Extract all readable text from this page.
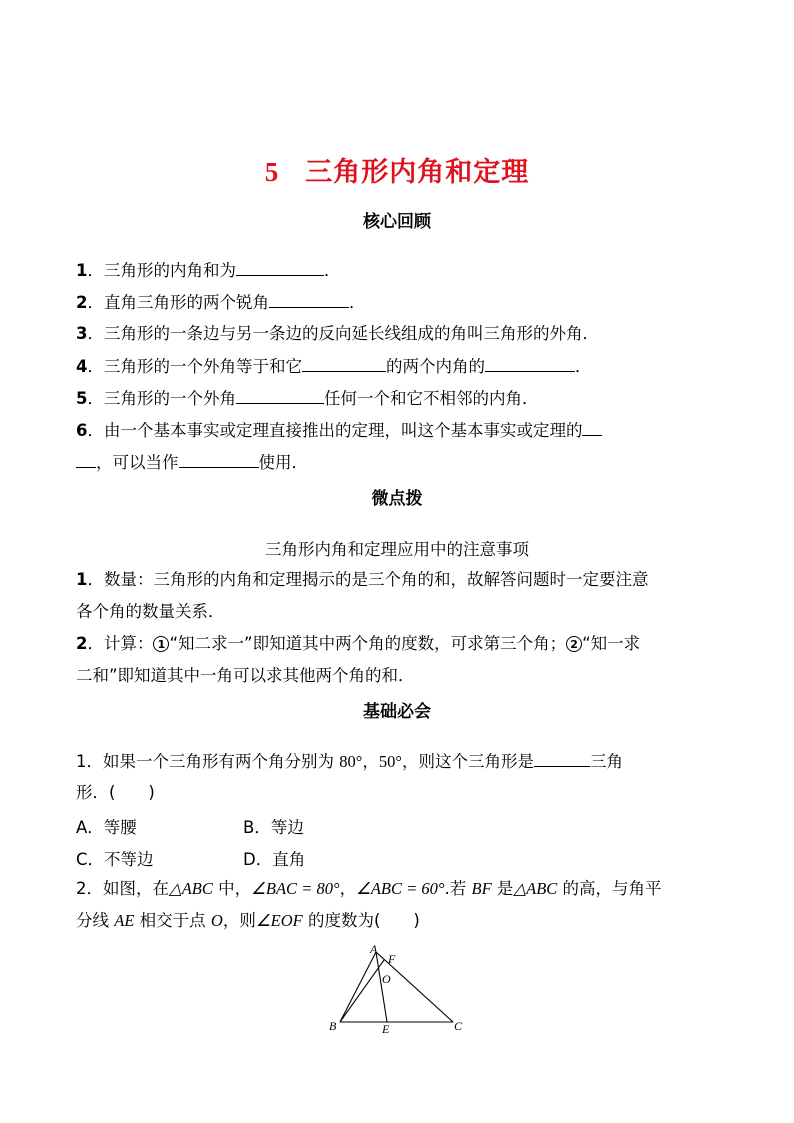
5 三角形内角和定理
核心回顾
1．三角形的内角和为	．
2．直角三角形的两个锐角	．
3．三角形的一条边与另一条边的反向延长线组成的角叫三角形的外角．
4．三角形的一个外角等于和它	的两个内角的	．
5．三角形的一个外角	任何一个和它不相邻的内角．
6．由一个基本事实或定理直接推出的定理，叫这个基本事实或定理的
，可以当作	使用．
微点拨
三角形内角和定理应用中的注意事项
1．数量：三角形的内角和定理揭示的是三个角的和，故解答问题时一定要注意
各个角的数量关系．
2．计算： 1 “知二求一”即知道其中两个角的度数，可求第三个角； 2 “知一求
二和”即知道其中一角可以求其他两个角的和．
基础必会
1．如果一个三角形有两个角分别为 80°，50°，则这个三角形是	三角
形．(　　)
A．等腰	B．等边
C．不等边	D．直角
2．如图，在△ABC 中，∠BAC = 80°，∠ABC = 60°.若 BF 是△ABC 的高，与角平
分线 AE 相交于点 O，则∠EOF 的度数为(　　)
A
F
O
B	E	C
